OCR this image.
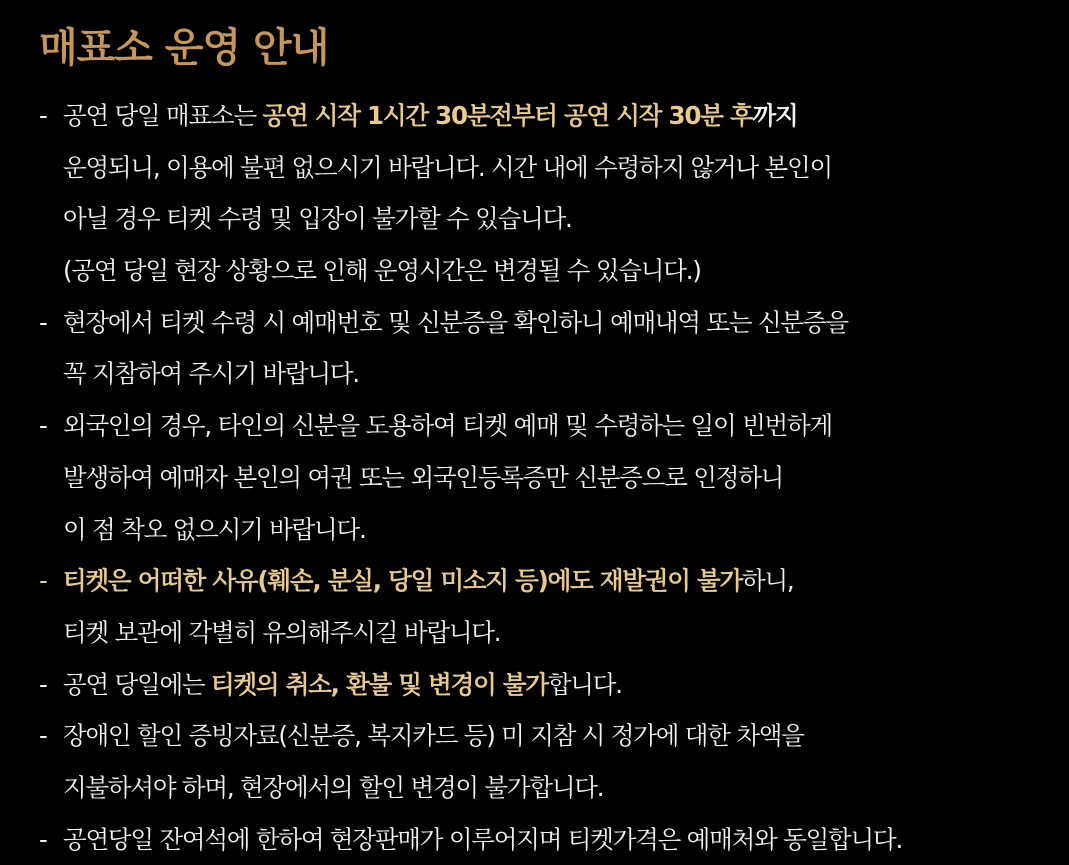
매표소 운영 안내
- 공연 당일 매표소는 공연 시작 1시간 30분전부터 공연 시작 30분 후까지
운영되니, 이용에 불편 없으시기 바랍니다. 시간 내에 수령하지 않거나 본인이
아닐 경우 티켓 수령 및 입장이 불가할 수 있습니다.
(공연 당일 현장 상황으로 인해 운영시간은 변경될 수 있습니다.)
- 현장에서 티켓 수령 시 예매번호 및 신분증을 확인하니 예매내역 또는 신분증을
꼭 지참하여 주시기 바랍니다.
- 외국인의 경우, 타인의 신분을 도용하여 티켓 예매 및 수령하는 일이 빈번하게
발생하여 예매자 본인의 여권 또는 외국인등록증만 신분증으로 인정하니
이 점 착오 없으시기 바랍니다.
- 티켓은 어떠한 사유(훼손, 분실, 당일 미소지 등)에도 재발권이 불가하니,
티켓 보관에 각별히 유의해주시길 바랍니다.
- 공연 당일에는 티켓의 취소, 환불 및 변경이 불가합니다.
- 장애인 할인 증빙자료(신분증, 복지카드 등) 미 지참 시 정가에 대한 차액을
지불하셔야 하며, 현장에서의 할인 변경이 불가합니다.
- 공연당일 잔여석에 한하여 현장판매가 이루어지며 티켓가격은 예매처와 동일합니다.
